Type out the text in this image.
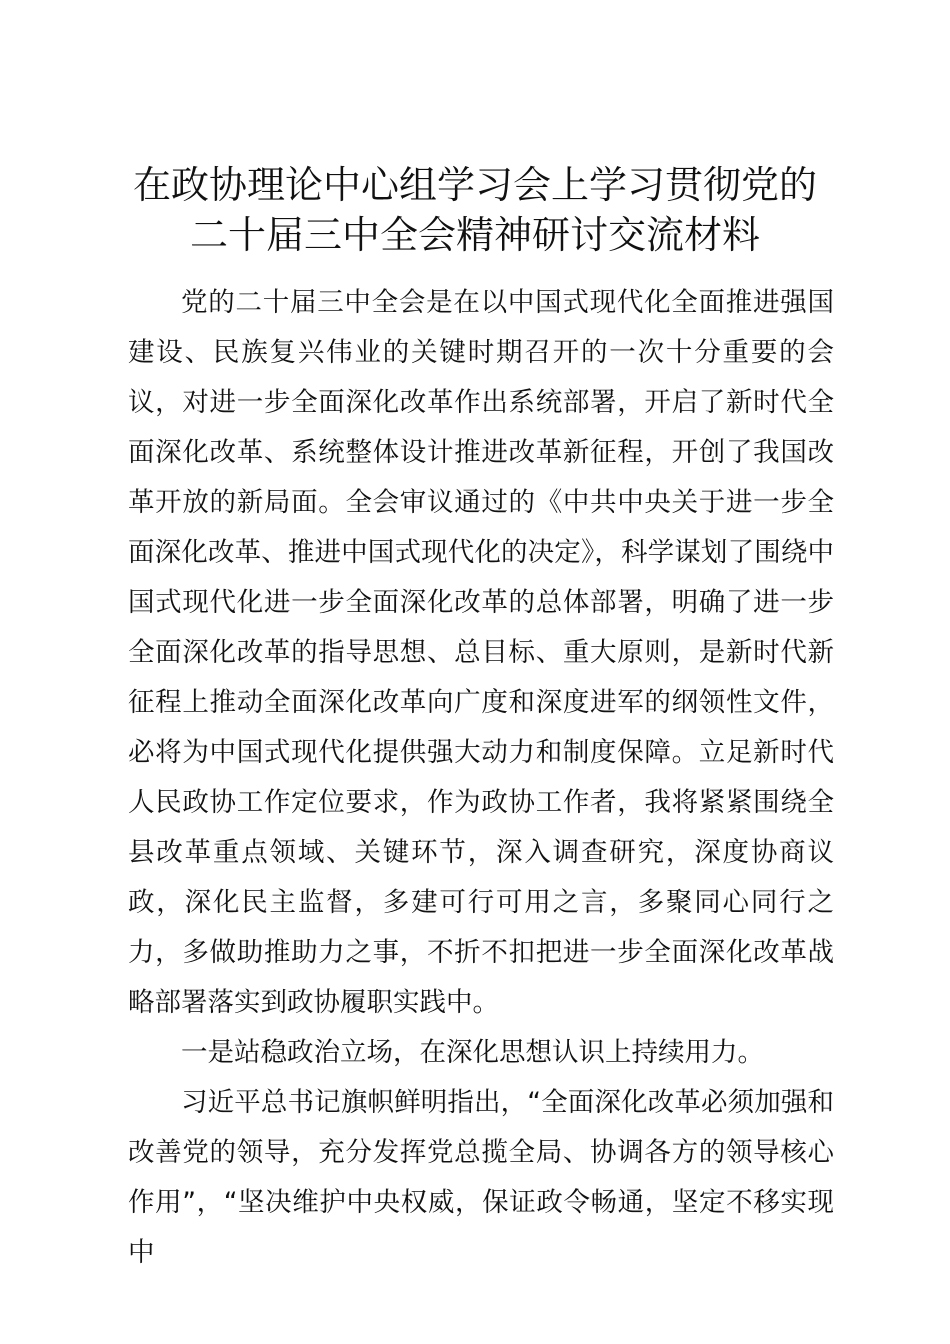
在政协理论中心组学习会上学习贯彻党的二十届三中全会精神研讨交流材料

党的二十届三中全会是在以中国式现代化全面推进强国建设、民族复兴伟业的关键时期召开的一次十分重要的会议，对进一步全面深化改革作出系统部署，开启了新时代全面深化改革、系统整体设计推进改革新征程，开创了我国改革开放的新局面。全会审议通过的《中共中央关于进一步全面深化改革、推进中国式现代化的决定》，科学谋划了围绕中国式现代化进一步全面深化改革的总体部署，明确了进一步全面深化改革的指导思想、总目标、重大原则，是新时代新征程上推动全面深化改革向广度和深度进军的纲领性文件，必将为中国式现代化提供强大动力和制度保障。立足新时代人民政协工作定位要求，作为政协工作者，我将紧紧围绕全县改革重点领域、关键环节，深入调查研究，深度协商议政，深化民主监督，多建可行可用之言，多聚同心同行之力，多做助推助力之事，不折不扣把进一步全面深化改革战略部署落实到政协履职实践中。

一是站稳政治立场，在深化思想认识上持续用力。

习近平总书记旗帜鲜明指出，“全面深化改革必须加强和改善党的领导，充分发挥党总揽全局、协调各方的领导核心作用”，“坚决维护中央权威，保证政令畅通，坚定不移实现中
